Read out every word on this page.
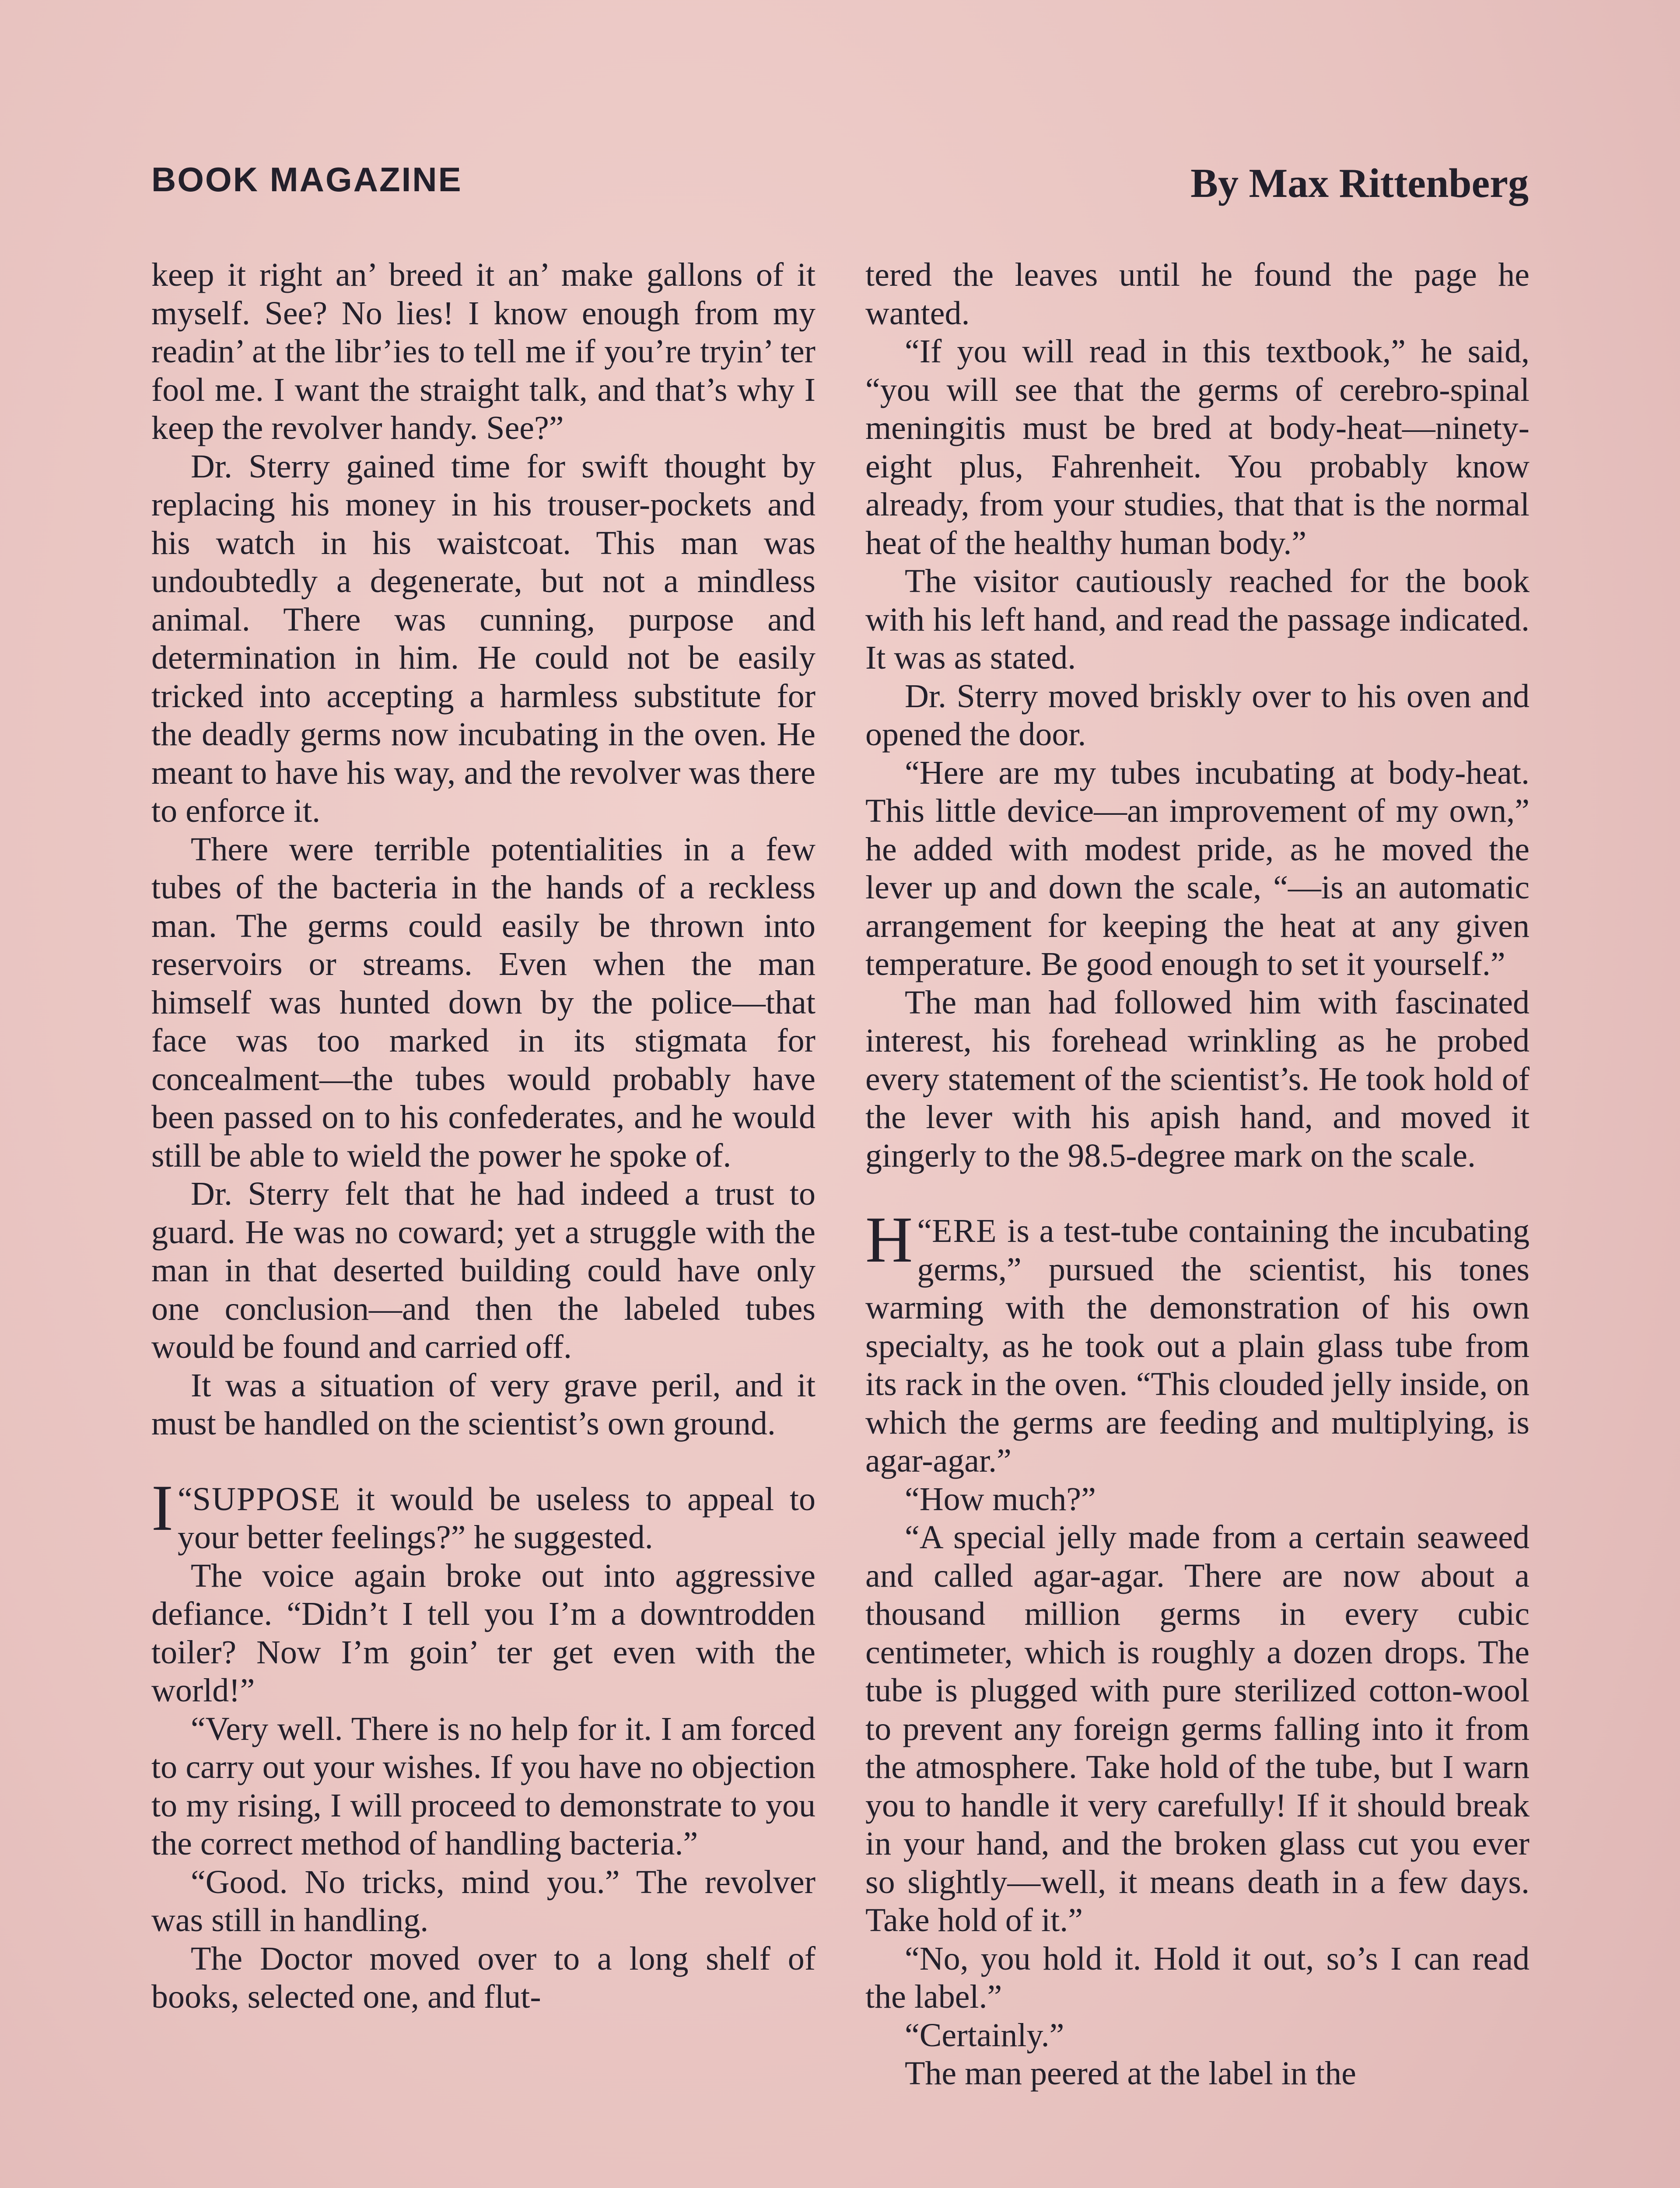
BOOK MAGAZINE	By Max Rittenberg

keep it right an’ breed it an’ make gallons of it myself. See? No lies! I know enough from my readin’ at the libr’ies to tell me if you’re tryin’ ter fool me. I want the straight talk, and that’s why I keep the revolver handy. See?”

Dr. Sterry gained time for swift thought by replacing his money in his trouser-pockets and his watch in his waistcoat. This man was undoubtedly a degenerate, but not a mindless animal. There was cunning, purpose and determination in him. He could not be easily tricked into accepting a harmless substitute for the deadly germs now incubating in the oven. He meant to have his way, and the revolver was there to enforce it.

There were terrible potentialities in a few tubes of the bacteria in the hands of a reckless man. The germs could easily be thrown into reservoirs or streams. Even when the man himself was hunted down by the police—that face was too marked in its stigmata for concealment—the tubes would probably have been passed on to his confederates, and he would still be able to wield the power he spoke of.

Dr. Sterry felt that he had indeed a trust to guard. He was no coward; yet a struggle with the man in that deserted building could have only one conclusion—and then the labeled tubes would be found and carried off.

It was a situation of very grave peril, and it must be handled on the scientist’s own ground.

“
I SUPPOSE it would be useless to appeal to your better feelings?” he suggested.

The voice again broke out into aggressive defiance. “Didn’t I tell you I’m a downtrodden toiler? Now I’m goin’ ter get even with the world!”

“Very well. There is no help for it. I am forced to carry out your wishes. If you have no objection to my rising, I will proceed to demonstrate to you the correct method of handling bacteria.”

“Good. No tricks, mind you.” The revolver was still in handling.

The Doctor moved over to a long shelf of books, selected one, and flut-

tered the leaves until he found the page he wanted.

“If you will read in this textbook,” he said, “you will see that the germs of cerebro-spinal meningitis must be bred at body-heat—ninety-eight plus, Fahrenheit. You probably know already, from your studies, that that is the normal heat of the healthy human body.”

The visitor cautiously reached for the book with his left hand, and read the passage indicated. It was as stated.

Dr. Sterry moved briskly over to his oven and opened the door.

“Here are my tubes incubating at body-heat. This little device—an improvement of my own,” he added with modest pride, as he moved the lever up and down the scale, “—is an automatic arrangement for keeping the heat at any given temperature. Be good enough to set it yourself.”

The man had followed him with fascinated interest, his forehead wrinkling as he probed every statement of the scientist’s. He took hold of the lever with his apish hand, and moved it gingerly to the 98.5-degree mark on the scale.

“
H ERE is a test-tube containing the incubating germs,” pursued the scientist, his tones warming with the demonstration of his own specialty, as he took out a plain glass tube from its rack in the oven. “This clouded jelly inside, on which the germs are feeding and multiplying, is agar-agar.”

“How much?”

“A special jelly made from a certain seaweed and called agar-agar. There are now about a thousand million germs in every cubic centimeter, which is roughly a dozen drops. The tube is plugged with pure sterilized cotton-wool to prevent any foreign germs falling into it from the atmosphere. Take hold of the tube, but I warn you to handle it very carefully! If it should break in your hand, and the broken glass cut you ever so slightly—well, it means death in a few days. Take hold of it.”

“No, you hold it. Hold it out, so’s I can read the label.”

“Certainly.”

The man peered at the label in the
